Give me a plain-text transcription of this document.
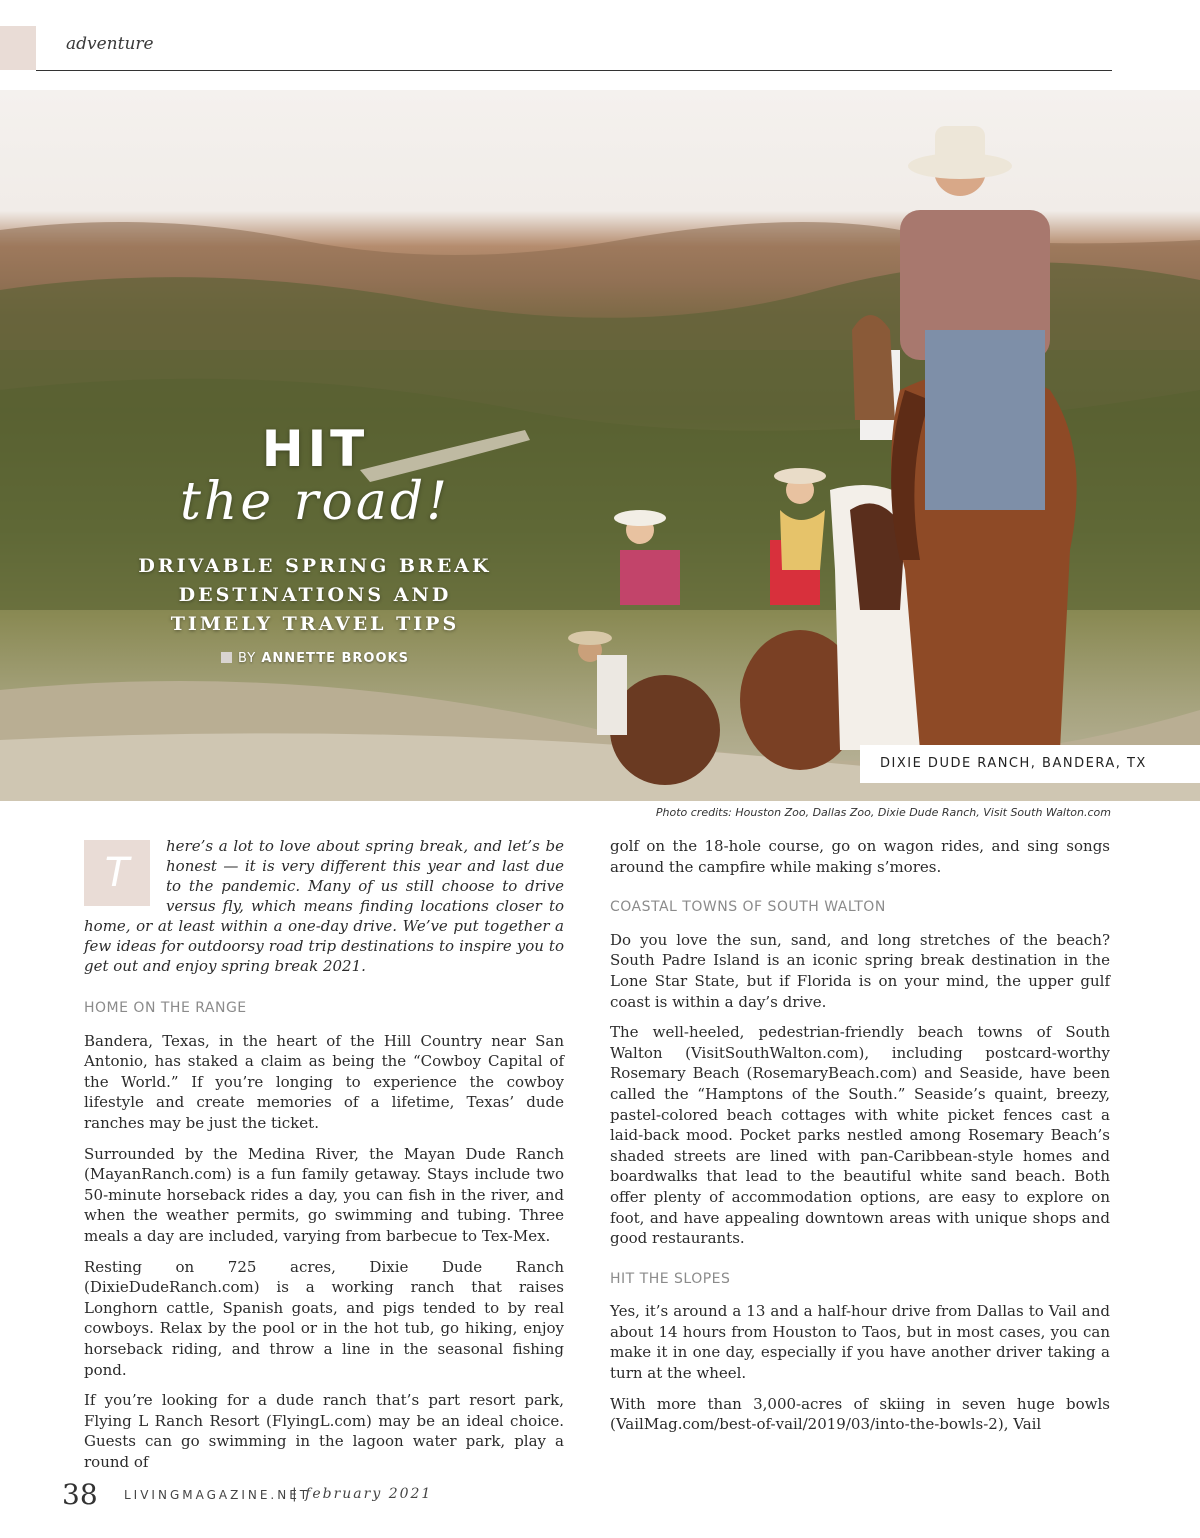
adventure
HIT
the road!
DRIVABLE SPRING BREAK DESTINATIONS AND TIMELY TRAVEL TIPS
BY ANNETTE BROOKS
DIXIE DUDE RANCH, BANDERA, TX
Photo credits: Houston Zoo, Dallas Zoo, Dixie Dude Ranch, Visit South Walton.com

T
here’s a lot to love about spring break, and let’s be honest — it is very different this year and last due to the pandemic. Many of us still choose to drive versus fly, which means finding locations closer to home, or at least within a one-day drive. We’ve put together a few ideas for outdoorsy road trip destinations to inspire you to get out and enjoy spring break 2021.

HOME ON THE RANGE

Bandera, Texas, in the heart of the Hill Country near San Antonio, has staked a claim as being the “Cowboy Capital of the World.” If you’re longing to experience the cowboy lifestyle and create memories of a lifetime, Texas’ dude ranches may be just the ticket.

Surrounded by the Medina River, the Mayan Dude Ranch (MayanRanch.com) is a fun family getaway. Stays include two 50-minute horseback rides a day, you can fish in the river, and when the weather permits, go swimming and tubing. Three meals a day are included, varying from barbecue to Tex-Mex.

Resting on 725 acres, Dixie Dude Ranch (DixieDudeRanch.com) is a working ranch that raises Longhorn cattle, Spanish goats, and pigs tended to by real cowboys. Relax by the pool or in the hot tub, go hiking, enjoy horseback riding, and throw a line in the seasonal fishing pond.

If you’re looking for a dude ranch that’s part resort park, Flying L Ranch Resort (FlyingL.com) may be an ideal choice. Guests can go swimming in the lagoon water park, play a round of

golf on the 18-hole course, go on wagon rides, and sing songs around the campfire while making s’mores.

COASTAL TOWNS OF SOUTH WALTON

Do you love the sun, sand, and long stretches of the beach? South Padre Island is an iconic spring break destination in the Lone Star State, but if Florida is on your mind, the upper gulf coast is within a day’s drive.

The well-heeled, pedestrian-friendly beach towns of South Walton (VisitSouthWalton.com), including postcard-worthy Rosemary Beach (RosemaryBeach.com) and Seaside, have been called the “Hamptons of the South.” Seaside’s quaint, breezy, pastel-colored beach cottages with white picket fences cast a laid-back mood. Pocket parks nestled among Rosemary Beach’s shaded streets are lined with pan-Caribbean-style homes and boardwalks that lead to the beautiful white sand beach. Both offer plenty of accommodation options, are easy to explore on foot, and have appealing downtown areas with unique shops and good restaurants.

HIT THE SLOPES

Yes, it’s around a 13 and a half-hour drive from Dallas to Vail and about 14 hours from Houston to Taos, but in most cases, you can make it in one day, especially if you have another driver taking a turn at the wheel.

With more than 3,000-acres of skiing in seven huge bowls (VailMag.com/best-of-vail/2019/03/into-the-bowls-2), Vail

38 LIVINGMAGAZINE.NET
| february 2021
